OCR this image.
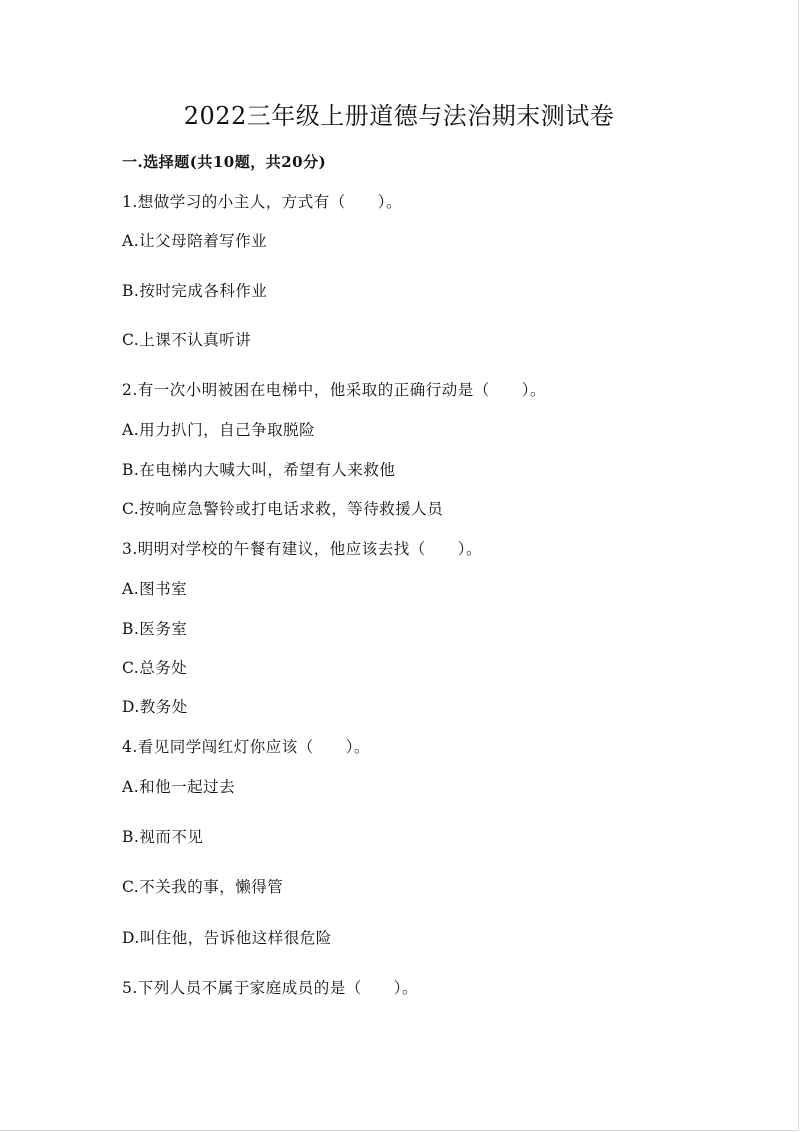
2022三年级上册道德与法治期末测试卷
一.选择题(共10题，共20分)
1.想做学习的小主人，方式有（　　）。
A.让父母陪着写作业
B.按时完成各科作业
C.上课不认真听讲
2.有一次小明被困在电梯中，他采取的正确行动是（　　）。
A.用力扒门，自己争取脱险
B.在电梯内大喊大叫，希望有人来救他
C.按响应急警铃或打电话求救，等待救援人员
3.明明对学校的午餐有建议，他应该去找（　　）。
A.图书室
B.医务室
C.总务处
D.教务处
4.看见同学闯红灯你应该（　　）。
A.和他一起过去
B.视而不见
C.不关我的事，懒得管
D.叫住他，告诉他这样很危险
5.下列人员不属于家庭成员的是（　　）。
